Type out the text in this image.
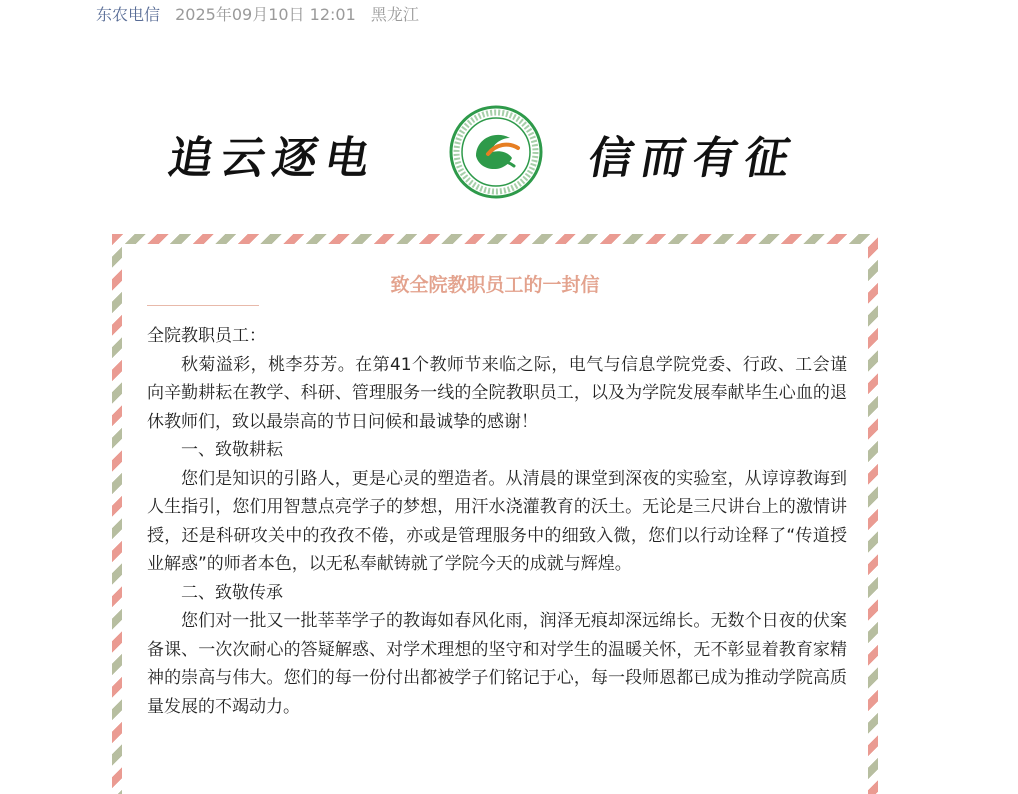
东农电信 2025年09月10日 12:01 黑龙江
追云逐电	信而有征
致全院教职员工的一封信

全院教职员工：

秋菊溢彩，桃李芬芳。在第41个教师节来临之际，电气与信息学院党委、行政、工会谨向辛勤耕耘在教学、科研、管理服务一线的全院教职员工，以及为学院发展奉献毕生心血的退休教师们，致以最崇高的节日问候和最诚挚的感谢！

一、致敬耕耘

您们是知识的引路人，更是心灵的塑造者。从清晨的课堂到深夜的实验室，从谆谆教诲到人生指引，您们用智慧点亮学子的梦想，用汗水浇灌教育的沃土。无论是三尺讲台上的激情讲授，还是科研攻关中的孜孜不倦，亦或是管理服务中的细致入微，您们以行动诠释了“传道授业解惑”的师者本色，以无私奉献铸就了学院今天的成就与辉煌。

二、致敬传承

您们对一批又一批莘莘学子的教诲如春风化雨，润泽无痕却深远绵长。无数个日夜的伏案备课、一次次耐心的答疑解惑、对学术理想的坚守和对学生的温暖关怀，无不彰显着教育家精神的崇高与伟大。您们的每一份付出都被学子们铭记于心，每一段师恩都已成为推动学院高质量发展的不竭动力。
